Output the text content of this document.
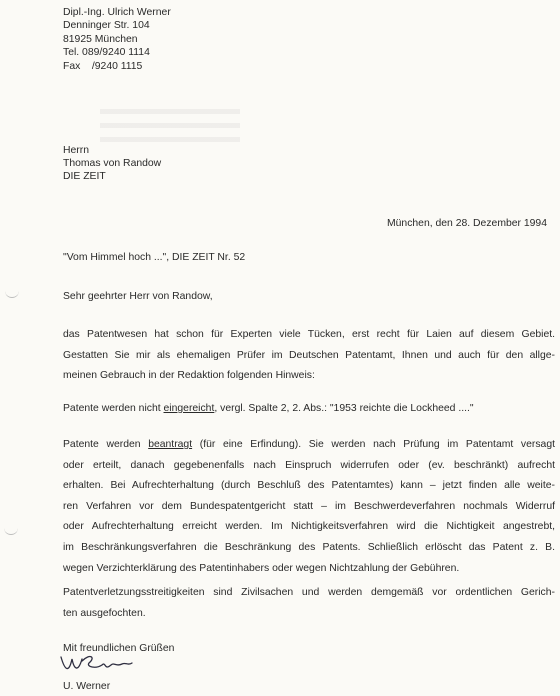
Dipl.-Ing. Ulrich Werner
Denninger Str. 104
81925 München
Tel. 089/9240 1114
Fax    /9240 1115
Herrn
Thomas von Randow
DIE ZEIT
München, den 28. Dezember 1994
"Vom Himmel hoch ...", DIE ZEIT Nr. 52
Sehr geehrter Herr von Randow,
das Patentwesen hat schon für Experten viele Tücken, erst recht für Laien auf diesem Gebiet.
Gestatten Sie mir als ehemaligen Prüfer im Deutschen Patentamt, Ihnen und auch für den allge-
meinen Gebrauch in der Redaktion folgenden Hinweis:
Patente werden nicht eingereicht, vergl. Spalte 2, 2. Abs.: "1953 reichte die Lockheed ...."
Patente werden beantragt (für eine Erfindung). Sie werden nach Prüfung im Patentamt versagt
oder erteilt, danach gegebenenfalls nach Einspruch widerrufen oder (ev. beschränkt) aufrecht
erhalten. Bei Aufrechterhaltung (durch Beschluß des Patentamtes) kann – jetzt finden alle weite-
ren Verfahren vor dem Bundespatentgericht statt – im Beschwerdeverfahren nochmals Widerruf
oder Aufrechterhaltung erreicht werden. Im Nichtigkeitsverfahren wird die Nichtigkeit angestrebt,
im Beschränkungsverfahren die Beschränkung des Patents. Schließlich erlöscht das Patent z. B.
wegen Verzichterklärung des Patentinhabers oder wegen Nichtzahlung der Gebühren.
Patentverletzungsstreitigkeiten sind Zivilsachen und werden demgemäß vor ordentlichen Gerich-
ten ausgefochten.
Mit freundlichen Grüßen
U. Werner
